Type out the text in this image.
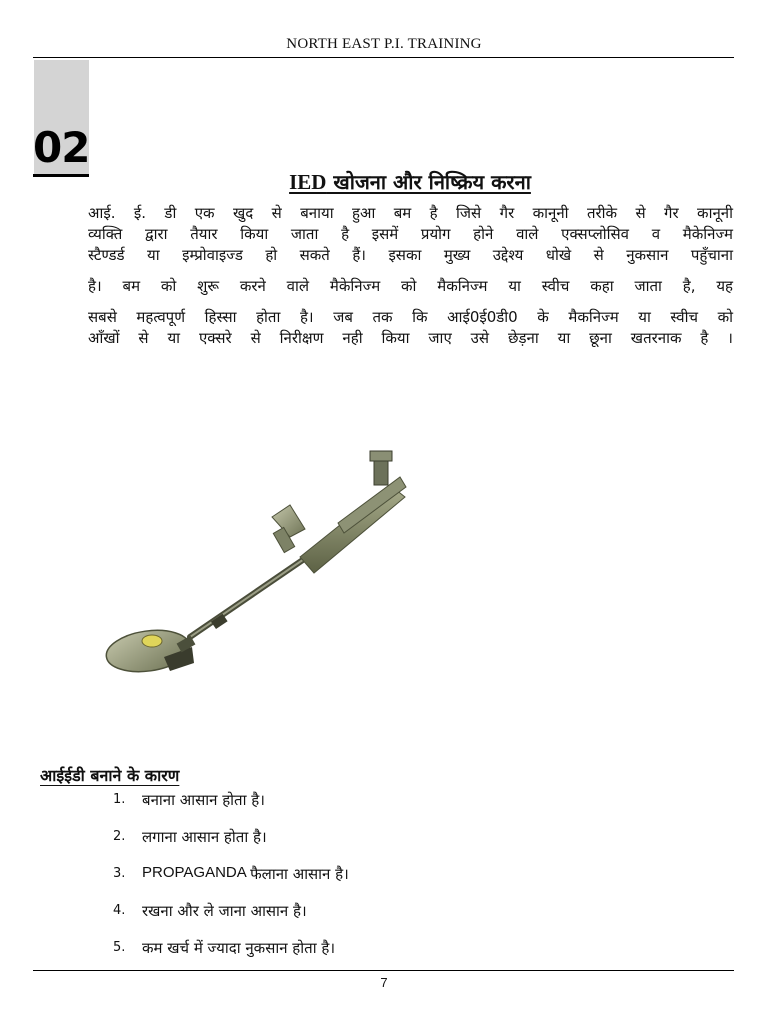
NORTH EAST P.I. TRAINING
02
IED खोजना और निष्क्रिय करना
आई. ई. डी एक खुद से बनाया हुआ बम है जिसे गैर कानूनी तरीके से गैर कानूनी
व्यक्ति द्वारा तैयार किया जाता है इसमें प्रयोग होने वाले एक्सप्लोसिव व मैकेनिज्म
स्टैण्डर्ड या इम्प्रोवाइज्ड हो सकते हैं। इसका मुख्य उद्देश्य धोखे से नुकसान पहुँचाना
है। बम को शुरू करने वाले मैकेनिज्म को मैकनिज्म या स्वीच कहा जाता है, यह
सबसे महत्वपूर्ण हिस्सा होता है। जब तक कि आई0ई0डी0 के मैकनिज्म या स्वीच को
आँखों से या एक्सरे से निरीक्षण नही किया जाए उसे छेड़ना या छूना खतरनाक है ।
आईईडी बनाने के कारण
1.	बनाना आसान होता है।
2.	लगाना आसान होता है।
3.	PROPAGANDA फैलाना आसान है।
4.	रखना और ले जाना आसान है।
5.	कम खर्च में ज्यादा नुकसान होता है।
7
